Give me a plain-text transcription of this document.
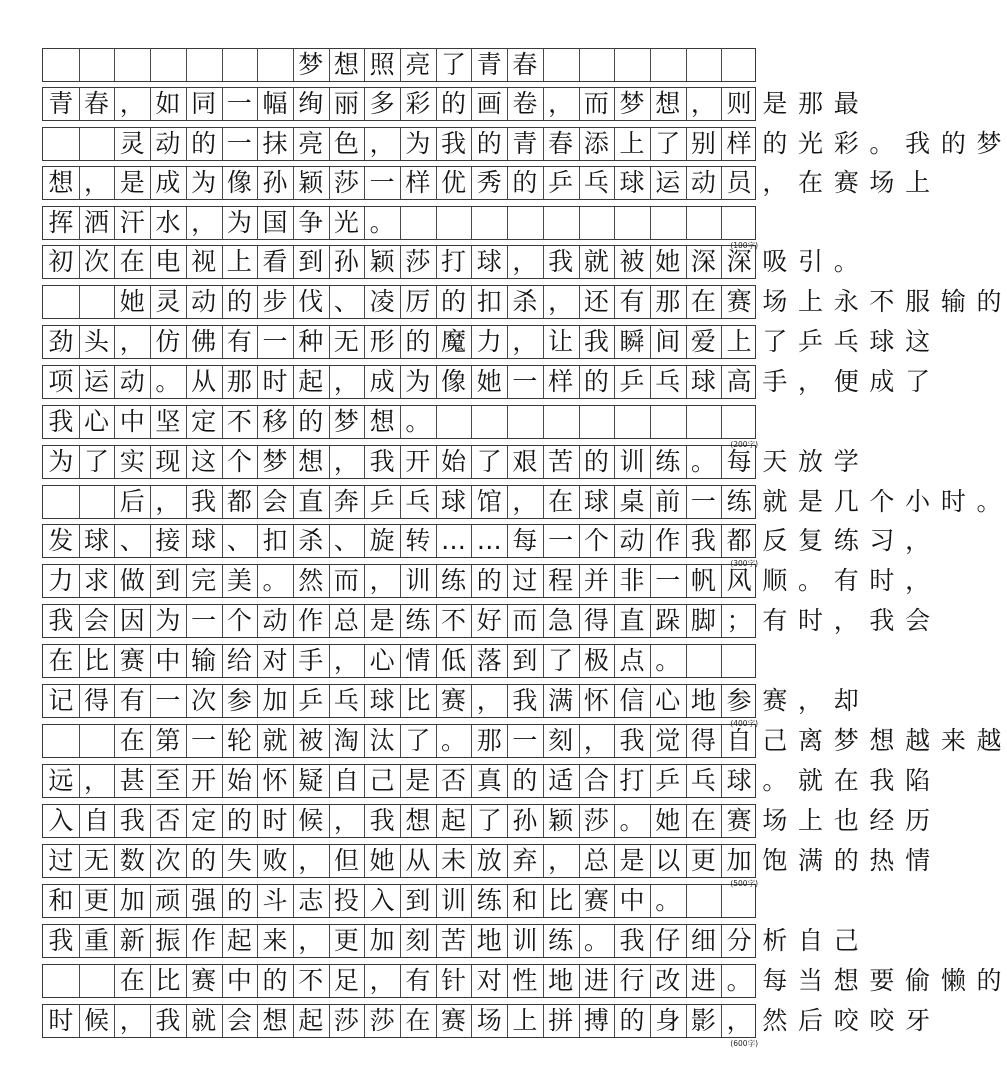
梦 想 照 亮 了 青 春
青 春 ， 如 同 一 幅 绚 丽 多 彩 的 画 卷 ， 而 梦 想 ， 则 是 那 最
灵 动 的 一 抹 亮 色 ， 为 我 的 青 春 添 上 了 别 样 的 光 彩 。 我 的 梦
想 ， 是 成 为 像 孙 颖 莎 一 样 优 秀 的 乒 乓 球 运 动 员 ， 在 赛 场 上
挥 洒 汗 水 ， 为 国 争 光 。
初 次 在 电 视 上 看 到 孙 颖 莎 打 球 ， 我 就 被 她 深 深 吸 引 。
她 灵 动 的 步 伐 、 凌 厉 的 扣 杀 ， 还 有 那 在 赛 场 上 永 不 服 输 的
劲 头 ， 仿 佛 有 一 种 无 形 的 魔 力 ， 让 我 瞬 间 爱 上 了 乒 乓 球 这
项 运 动 。 从 那 时 起 ， 成 为 像 她 一 样 的 乒 乓 球 高 手 ， 便 成 了
我 心 中 坚 定 不 移 的 梦 想 。
为 了 实 现 这 个 梦 想 ， 我 开 始 了 艰 苦 的 训 练 。 每 天 放 学
后 ， 我 都 会 直 奔 乒 乓 球 馆 ， 在 球 桌 前 一 练 就 是 几 个 小 时 。
发 球 、 接 球 、 扣 杀 、 旋 转 … … 每 一 个 动 作 我 都 反 复 练 习 ，
力 求 做 到 完 美 。 然 而 ， 训 练 的 过 程 并 非 一 帆 风 顺 。 有 时 ，
我 会 因 为 一 个 动 作 总 是 练 不 好 而 急 得 直 跺 脚 ； 有 时 ， 我 会
在 比 赛 中 输 给 对 手 ， 心 情 低 落 到 了 极 点 。
记 得 有 一 次 参 加 乒 乓 球 比 赛 ， 我 满 怀 信 心 地 参 赛 ， 却
在 第 一 轮 就 被 淘 汰 了 。 那 一 刻 ， 我 觉 得 自 己 离 梦 想 越 来 越
远 ， 甚 至 开 始 怀 疑 自 己 是 否 真 的 适 合 打 乒 乓 球 。 就 在 我 陷
入 自 我 否 定 的 时 候 ， 我 想 起 了 孙 颖 莎 。 她 在 赛 场 上 也 经 历
过 无 数 次 的 失 败 ， 但 她 从 未 放 弃 ， 总 是 以 更 加 饱 满 的 热 情
和 更 加 顽 强 的 斗 志 投 入 到 训 练 和 比 赛 中 。
我 重 新 振 作 起 来 ， 更 加 刻 苦 地 训 练 。 我 仔 细 分 析 自 己
在 比 赛 中 的 不 足 ， 有 针 对 性 地 进 行 改 进 。 每 当 想 要 偷 懒 的
时 候 ， 我 就 会 想 起 莎 莎 在 赛 场 上 拼 搏 的 身 影 ， 然 后 咬 咬 牙
(100字)
(200字)
(300字)
(400字)
(500字)
(600字)
